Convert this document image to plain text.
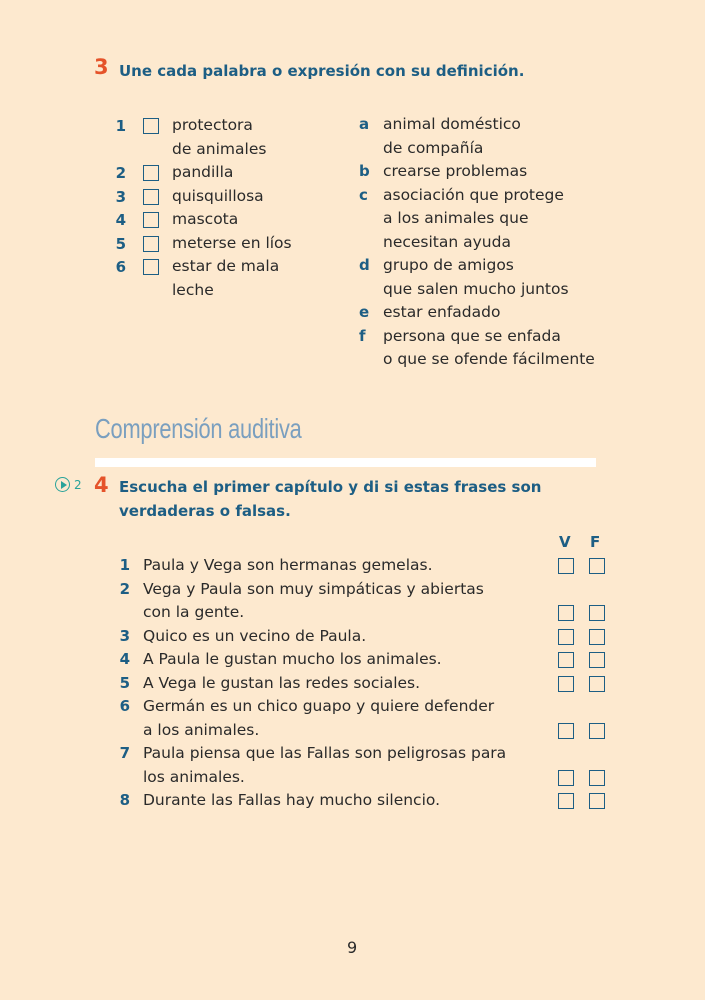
3 Une cada palabra o expresión con su definición.
1	protectora
de animales
2	pandilla
3	quisquillosa
4	mascota
5	meterse en líos
6	estar de mala
leche
a animal doméstico
de compañía
b crearse problemas
c asociación que protege
a los animales que
necesitan ayuda
d grupo de amigos
que salen mucho juntos
e estar enfadado
f persona que se enfada
o que se ofende fácilmente
Comprensión auditiva
2 4 Escucha el primer capítulo y di si estas frases son
verdaderas o falsas.
V F
1 Paula y Vega son hermanas gemelas.
2 Vega y Paula son muy simpáticas y abiertas
con la gente.
3 Quico es un vecino de Paula.
4 A Paula le gustan mucho los animales.
5 A Vega le gustan las redes sociales.
6 Germán es un chico guapo y quiere defender
a los animales.
7 Paula piensa que las Fallas son peligrosas para
los animales.
8 Durante las Fallas hay mucho silencio.
9
